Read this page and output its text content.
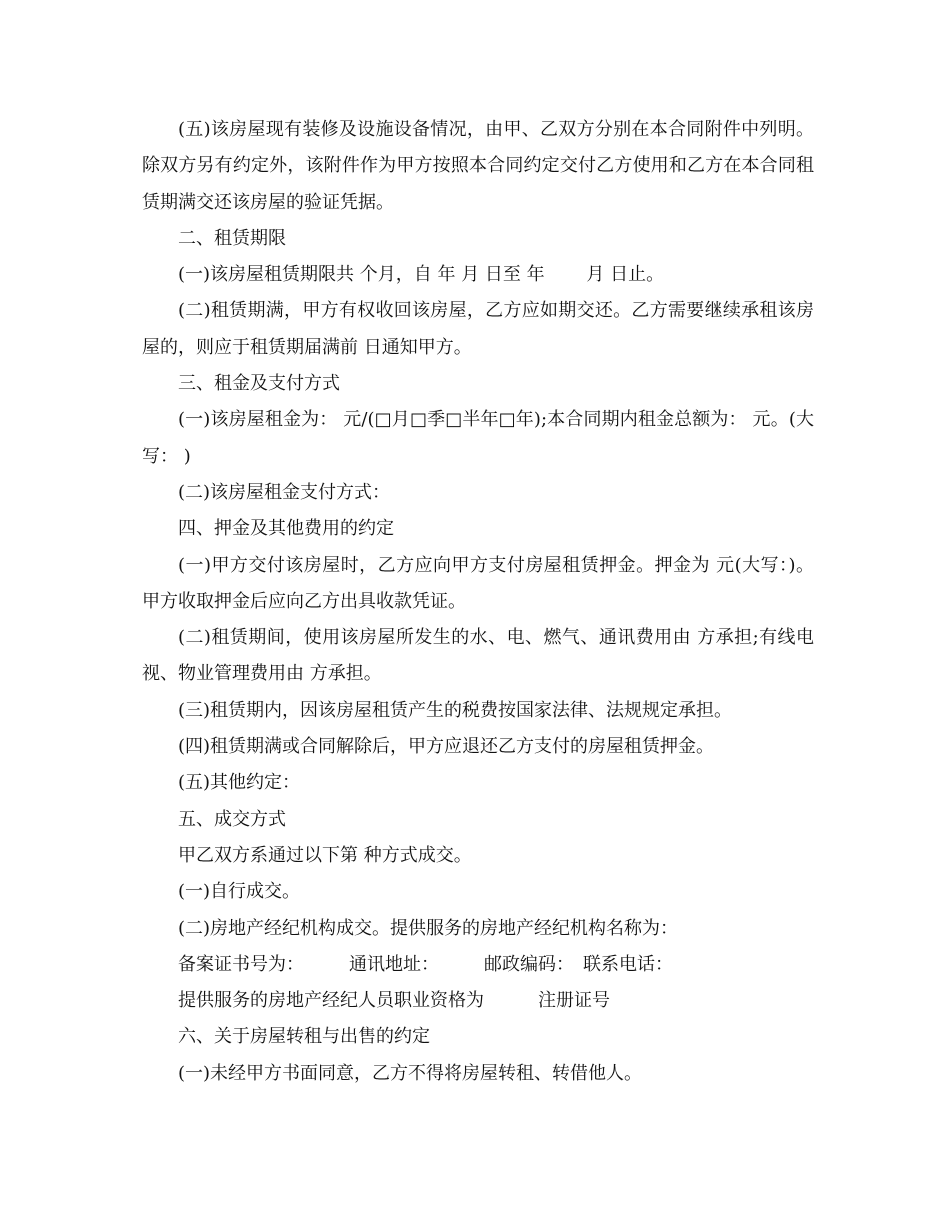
(五)该房屋现有装修及设施设备情况，由甲、乙双方分别在本合同附件中列明。除双方另有约定外，该附件作为甲方按照本合同约定交付乙方使用和乙方在本合同租赁期满交还该房屋的验证凭据。

二、租赁期限

(一)该房屋租赁期限共 个月，自 年 月 日至 年 　　月 日止。

(二)租赁期满，甲方有权收回该房屋，乙方应如期交还。乙方需要继续承租该房屋的，则应于租赁期届满前 日通知甲方。

三、租金及支付方式

(一)该房屋租金为： 元/(□月□季□半年□年);本合同期内租金总额为： 元。(大写： )

(二)该房屋租金支付方式：

四、押金及其他费用的约定

(一)甲方交付该房屋时，乙方应向甲方支付房屋租赁押金。押金为 元(大写：)。甲方收取押金后应向乙方出具收款凭证。

(二)租赁期间，使用该房屋所发生的水、电、燃气、通讯费用由 方承担;有线电视、物业管理费用由 方承担。

(三)租赁期内，因该房屋租赁产生的税费按国家法律、法规规定承担。

(四)租赁期满或合同解除后，甲方应退还乙方支付的房屋租赁押金。

(五)其他约定：

五、成交方式

甲乙双方系通过以下第 种方式成交。

(一)自行成交。

(二)房地产经纪机构成交。提供服务的房地产经纪机构名称为：

备案证书号为：　　　通讯地址：　　　邮政编码：　联系电话：

提供服务的房地产经纪人员职业资格为　　　注册证号

六、关于房屋转租与出售的约定

(一)未经甲方书面同意，乙方不得将房屋转租、转借他人。
